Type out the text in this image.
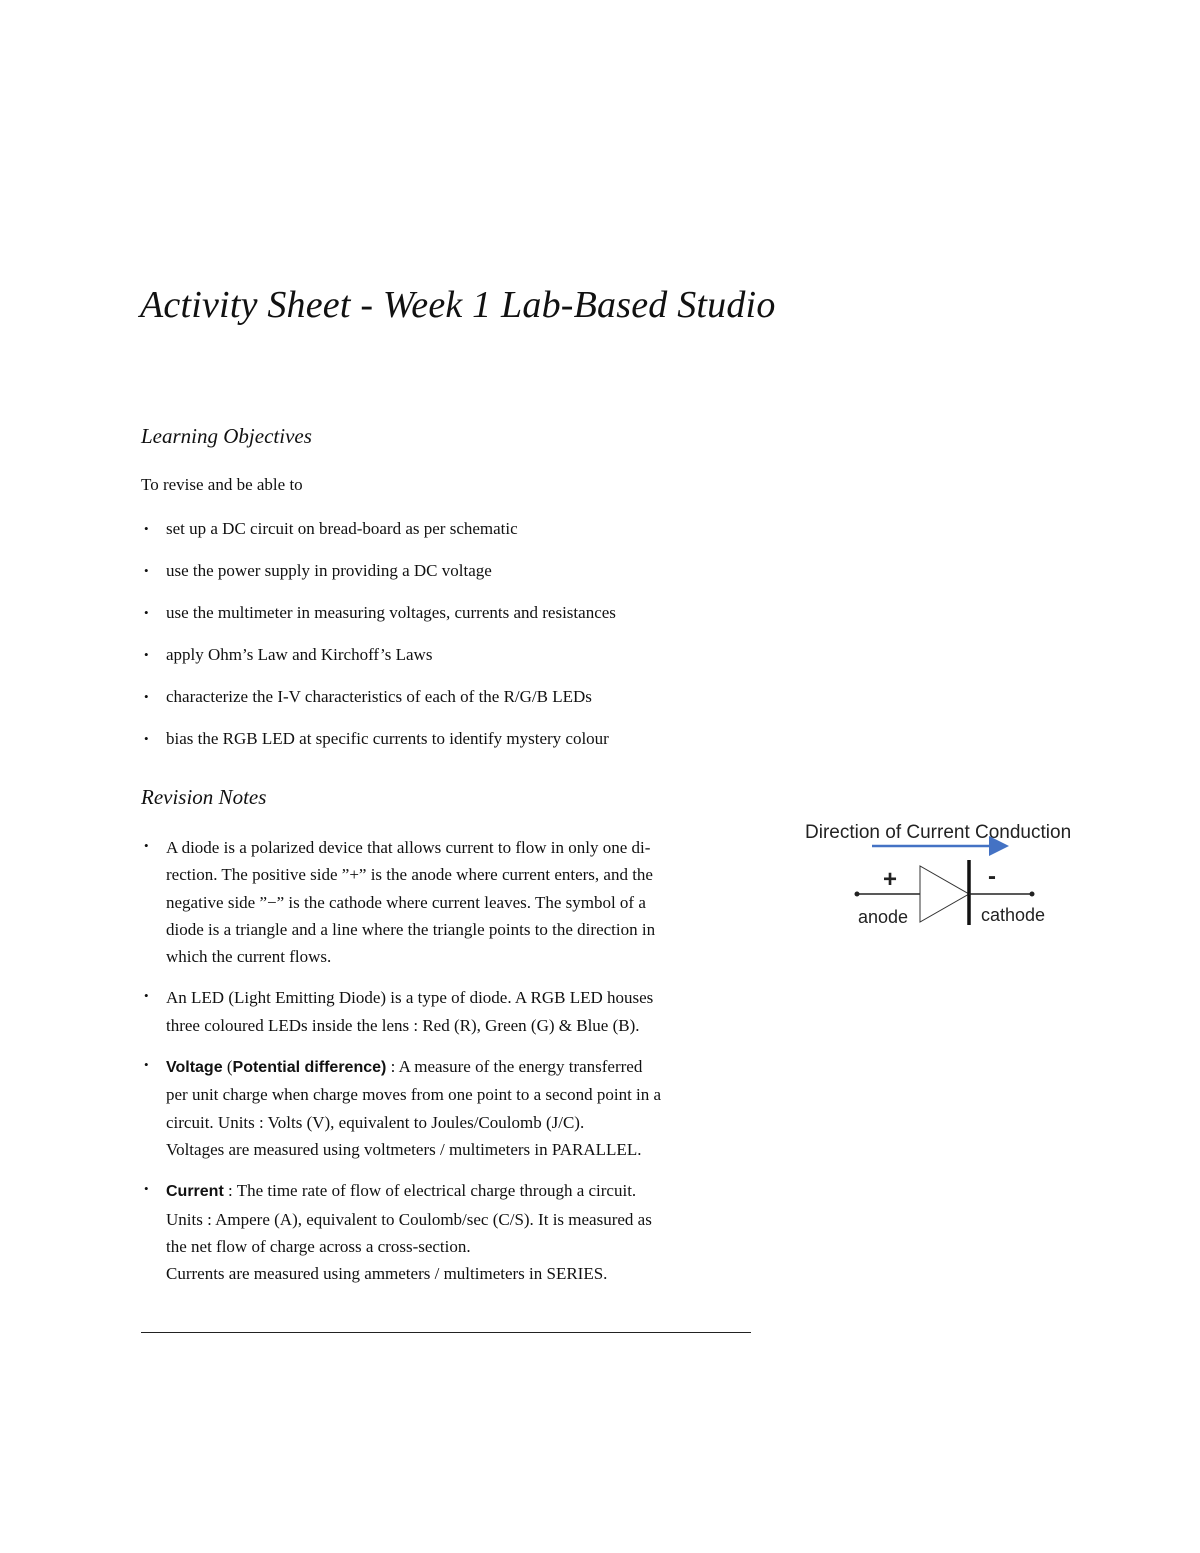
Activity Sheet - Week 1 Lab-Based Studio
Learning Objectives
To revise and be able to
• set up a DC circuit on bread-board as per schematic
• use the power supply in providing a DC voltage
• use the multimeter in measuring voltages, currents and resistances
• apply Ohm’s Law and Kirchoff’s Laws
• characterize the I-V characteristics of each of the R/G/B LEDs
• bias the RGB LED at specific currents to identify mystery colour
Revision Notes
• A diode is a polarized device that allows current to flow in only one di-
rection. The positive side ”+” is the anode where current enters, and the
negative side ”−” is the cathode where current leaves. The symbol of a
diode is a triangle and a line where the triangle points to the direction in
which the current flows.
• An LED (Light Emitting Diode) is a type of diode. A RGB LED houses
three coloured LEDs inside the lens : Red (R), Green (G) & Blue (B).
• Voltage (Potential difference) : A measure of the energy transferred
per unit charge when charge moves from one point to a second point in a
circuit. Units : Volts (V), equivalent to Joules/Coulomb (J/C).
Voltages are measured using voltmeters / multimeters in PARALLEL.
• Current : The time rate of flow of electrical charge through a circuit.
Units : Ampere (A), equivalent to Coulomb/sec (C/S). It is measured as
the net flow of charge across a cross-section.
Currents are measured using ammeters / multimeters in SERIES.
Direction of Current Conduction
+	-
anode	cathode
